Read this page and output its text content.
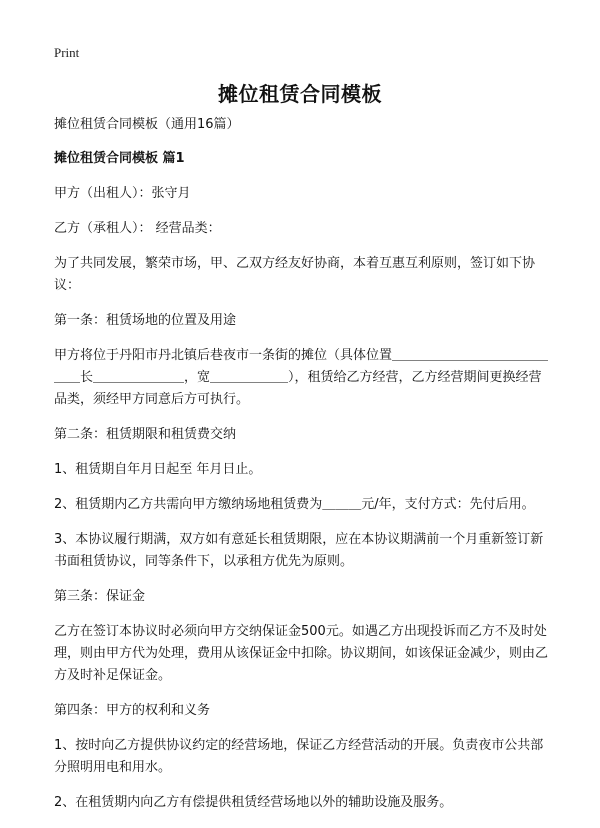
Print
摊位租赁合同模板

摊位租赁合同模板（通用16篇）

摊位租赁合同模板 篇1

甲方（出租人）：张守月

乙方（承租人）： 经营品类：

为了共同发展，繁荣市场，甲、乙双方经友好协商，本着互惠互利原则，签订如下协议：

第一条：租赁场地的位置及用途

甲方将位于丹阳市丹北镇后巷夜市一条街的摊位（具体位置＿＿＿＿＿＿＿＿＿＿＿＿＿＿长＿＿＿＿＿＿＿，宽＿＿＿＿＿＿），租赁给乙方经营，乙方经营期间更换经营品类，须经甲方同意后方可执行。

第二条：租赁期限和租赁费交纳

1、租赁期自年月日起至 年月日止。

2、租赁期内乙方共需向甲方缴纳场地租赁费为＿＿＿元/年，支付方式：先付后用。

3、本协议履行期满，双方如有意延长租赁期限，应在本协议期满前一个月重新签订新书面租赁协议，同等条件下，以承租方优先为原则。

第三条：保证金

乙方在签订本协议时必须向甲方交纳保证金500元。如遇乙方出现投诉而乙方不及时处理，则由甲方代为处理，费用从该保证金中扣除。协议期间，如该保证金减少，则由乙方及时补足保证金。

第四条：甲方的权利和义务

1、按时向乙方提供协议约定的经营场地，保证乙方经营活动的开展。负责夜市公共部分照明用电和用水。

2、在租赁期内向乙方有偿提供租赁经营场地以外的辅助设施及服务。
